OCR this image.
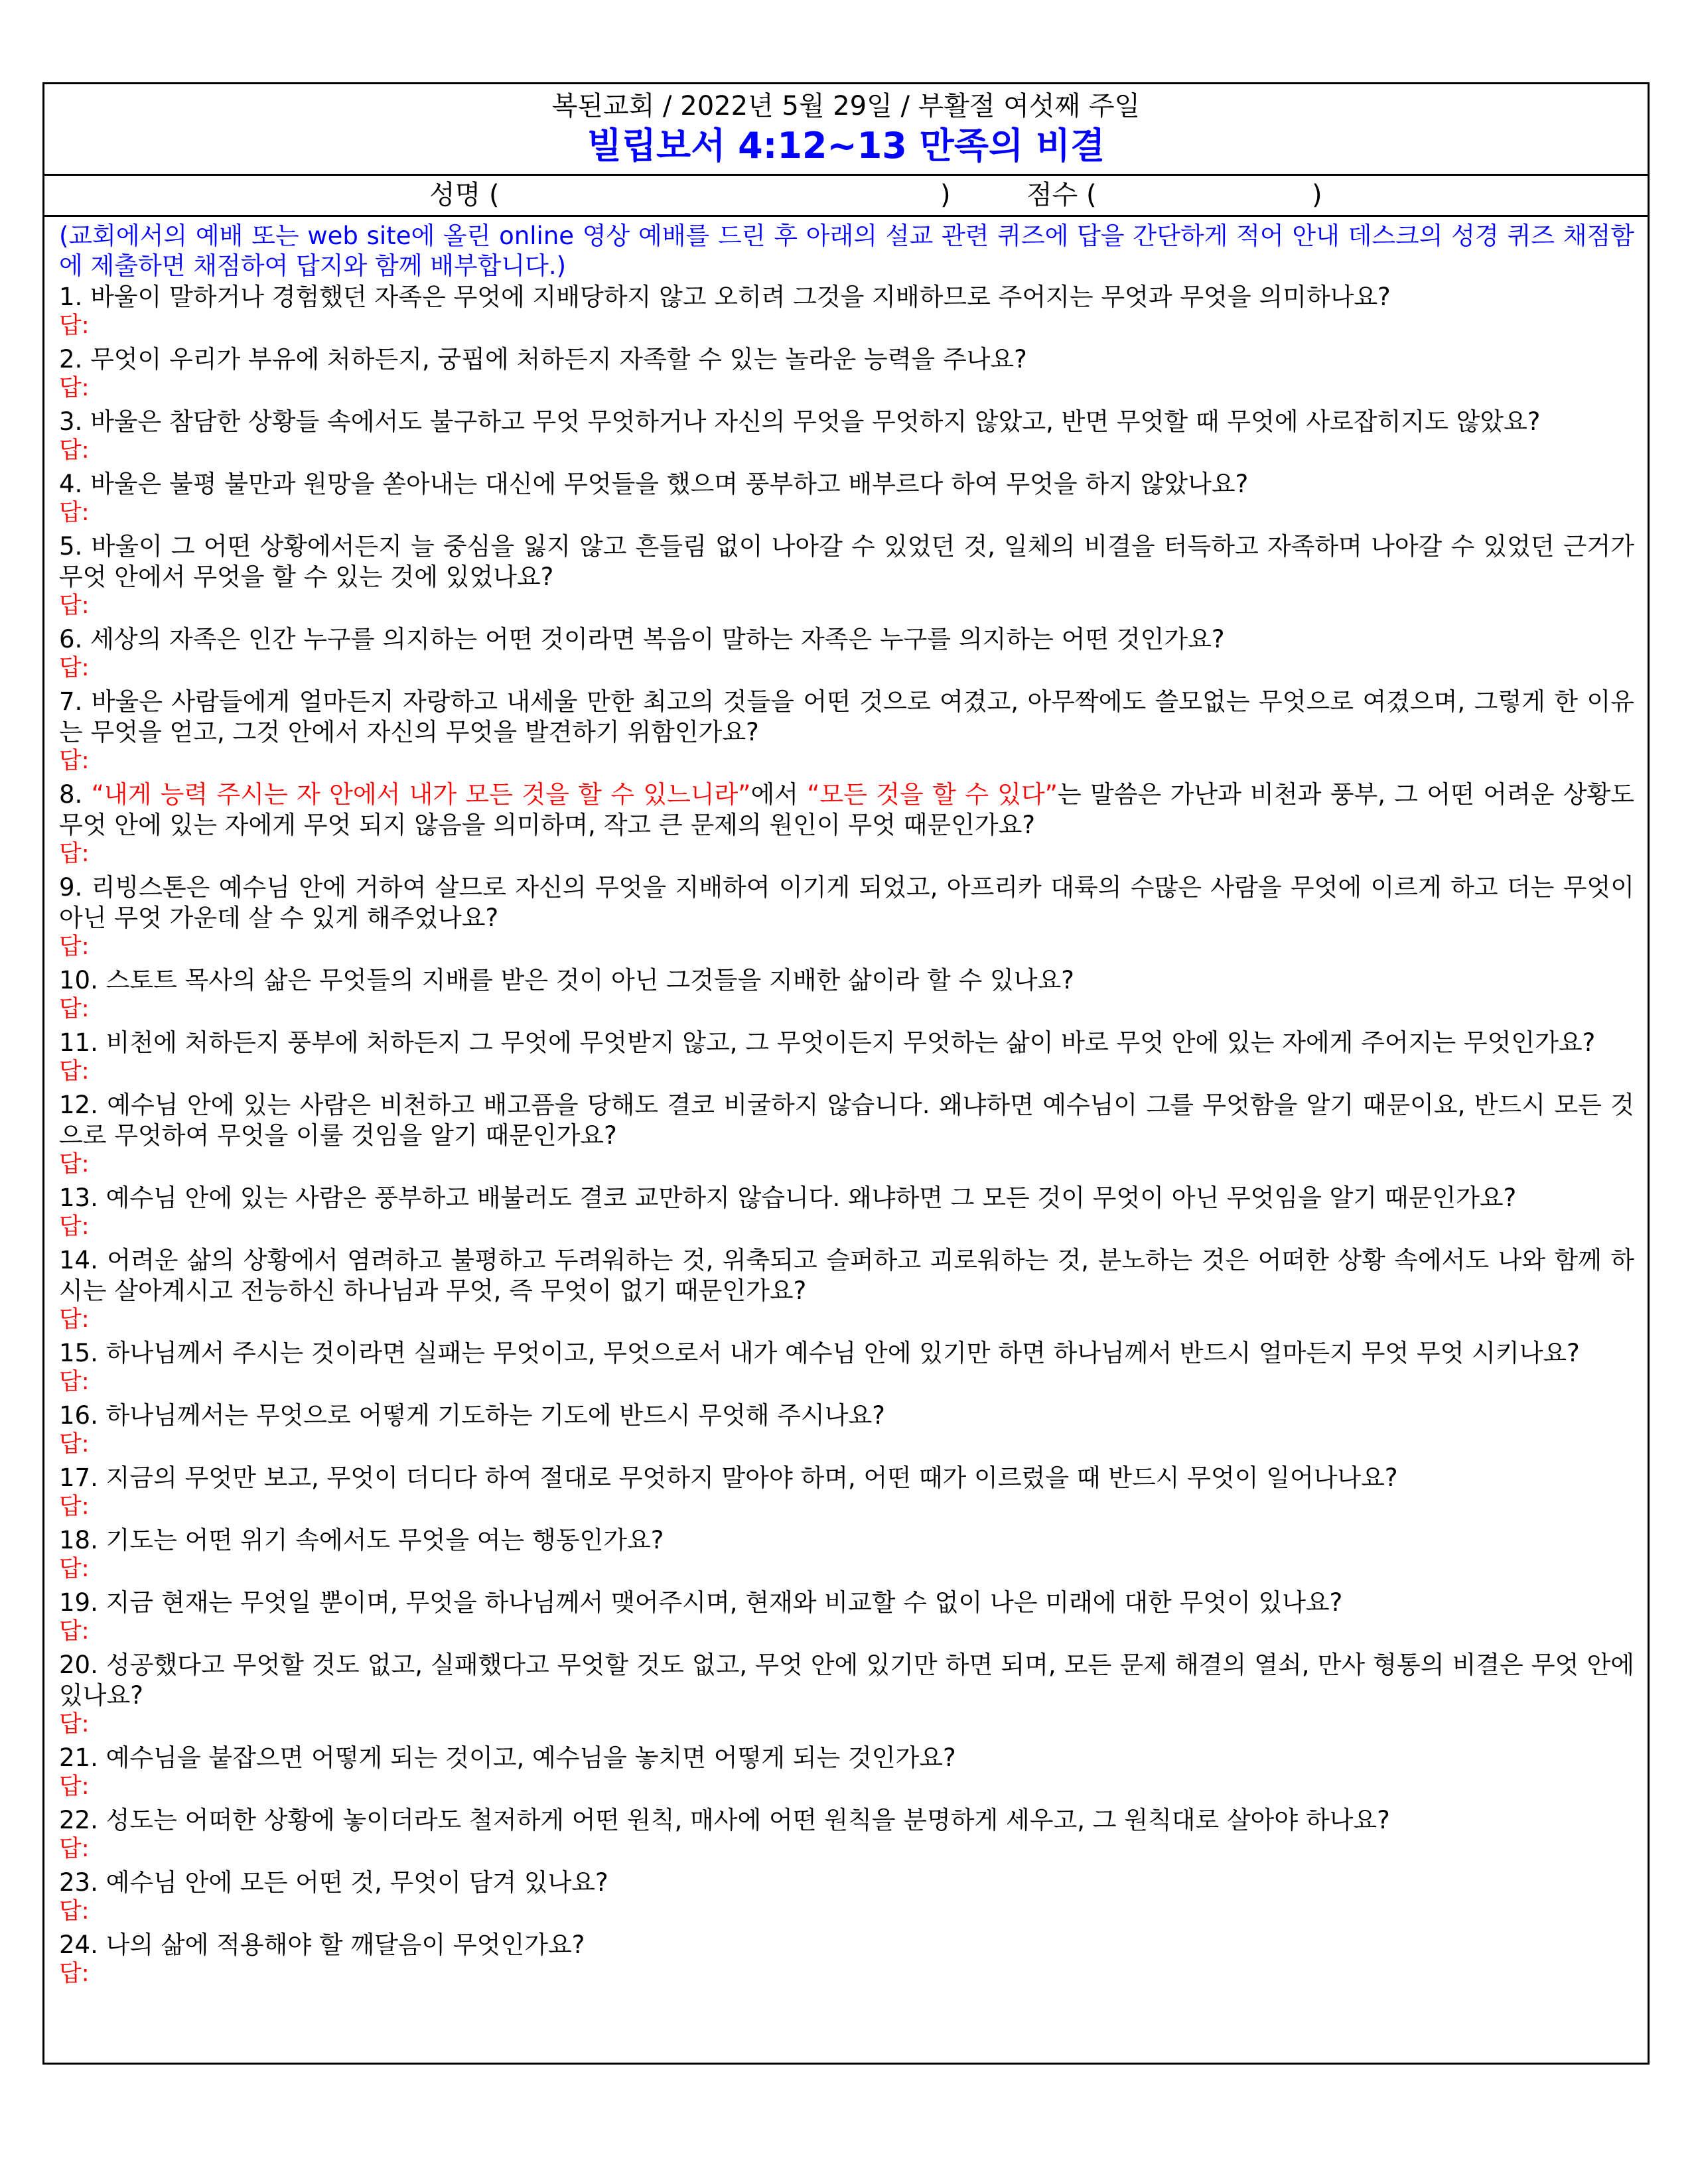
복된교회 / 2022년 5월 29일 / 부활절 여섯째 주일
빌립보서 4:12~13 만족의 비결
성명 (	)	점수 (	)
(교회에서의 예배 또는 web site에 올린 online 영상 예배를 드린 후 아래의 설교 관련 퀴즈에 답을 간단하게 적어 안내 데스크의 성경 퀴즈 채점함에 제출하면 채점하여 답지와 함께 배부합니다.)
1. 바울이 말하거나 경험했던 자족은 무엇에 지배당하지 않고 오히려 그것을 지배하므로 주어지는 무엇과 무엇을 의미하나요?
답:
2. 무엇이 우리가 부유에 처하든지, 궁핍에 처하든지 자족할 수 있는 놀라운 능력을 주나요?
답:
3. 바울은 참담한 상황들 속에서도 불구하고 무엇 무엇하거나 자신의 무엇을 무엇하지 않았고, 반면 무엇할 때 무엇에 사로잡히지도 않았요?
답:
4. 바울은 불평 불만과 원망을 쏟아내는 대신에 무엇들을 했으며 풍부하고 배부르다 하여 무엇을 하지 않았나요?
답:
5. 바울이 그 어떤 상황에서든지 늘 중심을 잃지 않고 흔들림 없이 나아갈 수 있었던 것, 일체의 비결을 터득하고 자족하며 나아갈 수 있었던 근거가 무엇 안에서 무엇을 할 수 있는 것에 있었나요?
답:
6. 세상의 자족은 인간 누구를 의지하는 어떤 것이라면 복음이 말하는 자족은 누구를 의지하는 어떤 것인가요?
답:
7. 바울은 사람들에게 얼마든지 자랑하고 내세울 만한 최고의 것들을 어떤 것으로 여겼고, 아무짝에도 쓸모없는 무엇으로 여겼으며, 그렇게 한 이유는 무엇을 얻고, 그것 안에서 자신의 무엇을 발견하기 위함인가요?
답:
8. “내게 능력 주시는 자 안에서 내가 모든 것을 할 수 있느니라”에서 “모든 것을 할 수 있다”는 말씀은 가난과 비천과 풍부, 그 어떤 어려운 상황도 무엇 안에 있는 자에게 무엇 되지 않음을 의미하며, 작고 큰 문제의 원인이 무엇 때문인가요?
답:
9. 리빙스톤은 예수님 안에 거하여 살므로 자신의 무엇을 지배하여 이기게 되었고, 아프리카 대륙의 수많은 사람을 무엇에 이르게 하고 더는 무엇이 아닌 무엇 가운데 살 수 있게 해주었나요?
답:
10. 스토트 목사의 삶은 무엇들의 지배를 받은 것이 아닌 그것들을 지배한 삶이라 할 수 있나요?
답:
11. 비천에 처하든지 풍부에 처하든지 그 무엇에 무엇받지 않고, 그 무엇이든지 무엇하는 삶이 바로 무엇 안에 있는 자에게 주어지는 무엇인가요?
답:
12. 예수님 안에 있는 사람은 비천하고 배고픔을 당해도 결코 비굴하지 않습니다. 왜냐하면 예수님이 그를 무엇함을 알기 때문이요, 반드시 모든 것으로 무엇하여 무엇을 이룰 것임을 알기 때문인가요?
답:
13. 예수님 안에 있는 사람은 풍부하고 배불러도 결코 교만하지 않습니다. 왜냐하면 그 모든 것이 무엇이 아닌 무엇임을 알기 때문인가요?
답:
14. 어려운 삶의 상황에서 염려하고 불평하고 두려워하는 것, 위축되고 슬퍼하고 괴로워하는 것, 분노하는 것은 어떠한 상황 속에서도 나와 함께 하시는 살아계시고 전능하신 하나님과 무엇, 즉 무엇이 없기 때문인가요?
답:
15. 하나님께서 주시는 것이라면 실패는 무엇이고, 무엇으로서 내가 예수님 안에 있기만 하면 하나님께서 반드시 얼마든지 무엇 무엇 시키나요?
답:
16. 하나님께서는 무엇으로 어떻게 기도하는 기도에 반드시 무엇해 주시나요?
답:
17. 지금의 무엇만 보고, 무엇이 더디다 하여 절대로 무엇하지 말아야 하며, 어떤 때가 이르렀을 때 반드시 무엇이 일어나나요?
답:
18. 기도는 어떤 위기 속에서도 무엇을 여는 행동인가요?
답:
19. 지금 현재는 무엇일 뿐이며, 무엇을 하나님께서 맺어주시며, 현재와 비교할 수 없이 나은 미래에 대한 무엇이 있나요?
답:
20. 성공했다고 무엇할 것도 없고, 실패했다고 무엇할 것도 없고, 무엇 안에 있기만 하면 되며, 모든 문제 해결의 열쇠, 만사 형통의 비결은 무엇 안에 있나요?
답:
21. 예수님을 붙잡으면 어떻게 되는 것이고, 예수님을 놓치면 어떻게 되는 것인가요?
답:
22. 성도는 어떠한 상황에 놓이더라도 철저하게 어떤 원칙, 매사에 어떤 원칙을 분명하게 세우고, 그 원칙대로 살아야 하나요?
답:
23. 예수님 안에 모든 어떤 것, 무엇이 담겨 있나요?
답:
24. 나의 삶에 적용해야 할 깨달음이 무엇인가요?
답:
